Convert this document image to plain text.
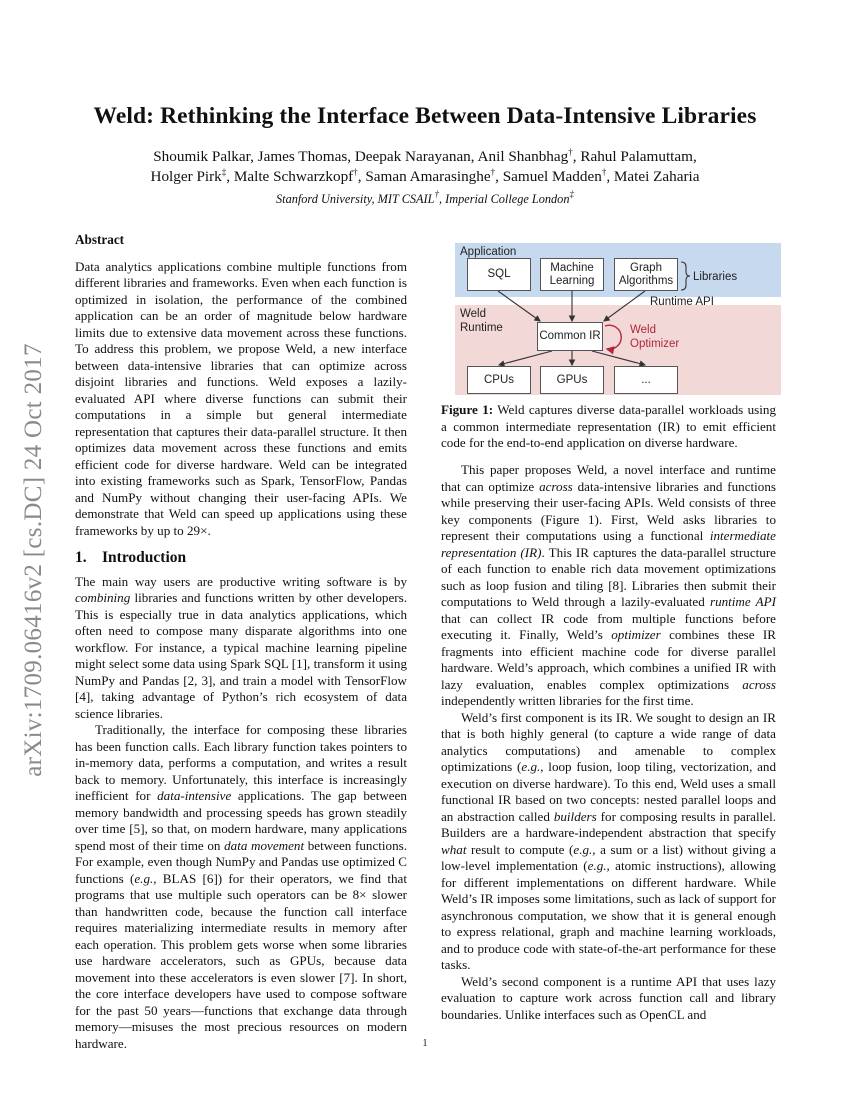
arXiv:1709.06416v2 [cs.DC] 24 Oct 2017
Weld: Rethinking the Interface Between Data-Intensive Libraries
Shoumik Palkar, James Thomas, Deepak Narayanan, Anil Shanbhag†, Rahul Palamuttam,
Holger Pirk‡, Malte Schwarzkopf†, Saman Amarasinghe†, Samuel Madden†, Matei Zaharia
Stanford University, MIT CSAIL†, Imperial College London‡
Abstract

Data analytics applications combine multiple functions from different libraries and frameworks. Even when each function is optimized in isolation, the performance of the combined application can be an order of magnitude below hardware limits due to extensive data movement across these functions. To address this problem, we propose Weld, a new interface between data-intensive libraries that can optimize across disjoint libraries and functions. Weld exposes a lazily-evaluated API where diverse functions can submit their computations in a simple but general intermediate representation that captures their data-parallel structure. It then optimizes data movement across these functions and emits efficient code for diverse hardware. Weld can be integrated into existing frameworks such as Spark, TensorFlow, Pandas and NumPy without changing their user-facing APIs. We demonstrate that Weld can speed up applications using these frameworks by up to 29×.

1. Introduction

The main way users are productive writing software is by combining libraries and functions written by other developers. This is especially true in data analytics applications, which often need to compose many disparate algorithms into one workflow. For instance, a typical machine learning pipeline might select some data using Spark SQL [1], transform it using NumPy and Pandas [2, 3], and train a model with TensorFlow [4], taking advantage of Python’s rich ecosystem of data science libraries.

Traditionally, the interface for composing these libraries has been function calls. Each library function takes pointers to in-memory data, performs a computation, and writes a result back to memory. Unfortunately, this interface is increasingly inefficient for data-intensive applications. The gap between memory bandwidth and processing speeds has grown steadily over time [5], so that, on modern hardware, many applications spend most of their time on data movement between functions. For example, even though NumPy and Pandas use optimized C functions (e.g., BLAS [6]) for their operators, we find that programs that use multiple such operators can be 8× slower than handwritten code, because the function call interface requires materializing intermediate results in memory after each operation. This problem gets worse when some libraries use hardware accelerators, such as GPUs, because data movement into these accelerators is even slower [7]. In short, the core interface developers have used to compose software for the past 50 years—functions that exchange data through memory—misuses the most precious resources on modern hardware.

Application
SQL
Machine Learning
Graph Algorithms	Libraries
Runtime API
Weld
Runtime
Common IR	Weld
Optimizer
CPUs	GPUs	...
Figure 1: Weld captures diverse data-parallel workloads using a common intermediate representation (IR) to emit efficient code for the end-to-end application on diverse hardware.

This paper proposes Weld, a novel interface and runtime that can optimize across data-intensive libraries and functions while preserving their user-facing APIs. Weld consists of three key components (Figure 1). First, Weld asks libraries to represent their computations using a functional intermediate representation (IR). This IR captures the data-parallel structure of each function to enable rich data movement optimizations such as loop fusion and tiling [8]. Libraries then submit their computations to Weld through a lazily-evaluated runtime API that can collect IR code from multiple functions before executing it. Finally, Weld’s optimizer combines these IR fragments into efficient machine code for diverse parallel hardware. Weld’s approach, which combines a unified IR with lazy evaluation, enables complex optimizations across independently written libraries for the first time.

Weld’s first component is its IR. We sought to design an IR that is both highly general (to capture a wide range of data analytics computations) and amenable to complex optimizations (e.g., loop fusion, loop tiling, vectorization, and execution on diverse hardware). To this end, Weld uses a small functional IR based on two concepts: nested parallel loops and an abstraction called builders for composing results in parallel. Builders are a hardware-independent abstraction that specify what result to compute (e.g., a sum or a list) without giving a low-level implementation (e.g., atomic instructions), allowing for different implementations on different hardware. While Weld’s IR imposes some limitations, such as lack of support for asynchronous computation, we show that it is general enough to express relational, graph and machine learning workloads, and to produce code with state-of-the-art performance for these tasks.

Weld’s second component is a runtime API that uses lazy evaluation to capture work across function call and library boundaries. Unlike interfaces such as OpenCL and

1
